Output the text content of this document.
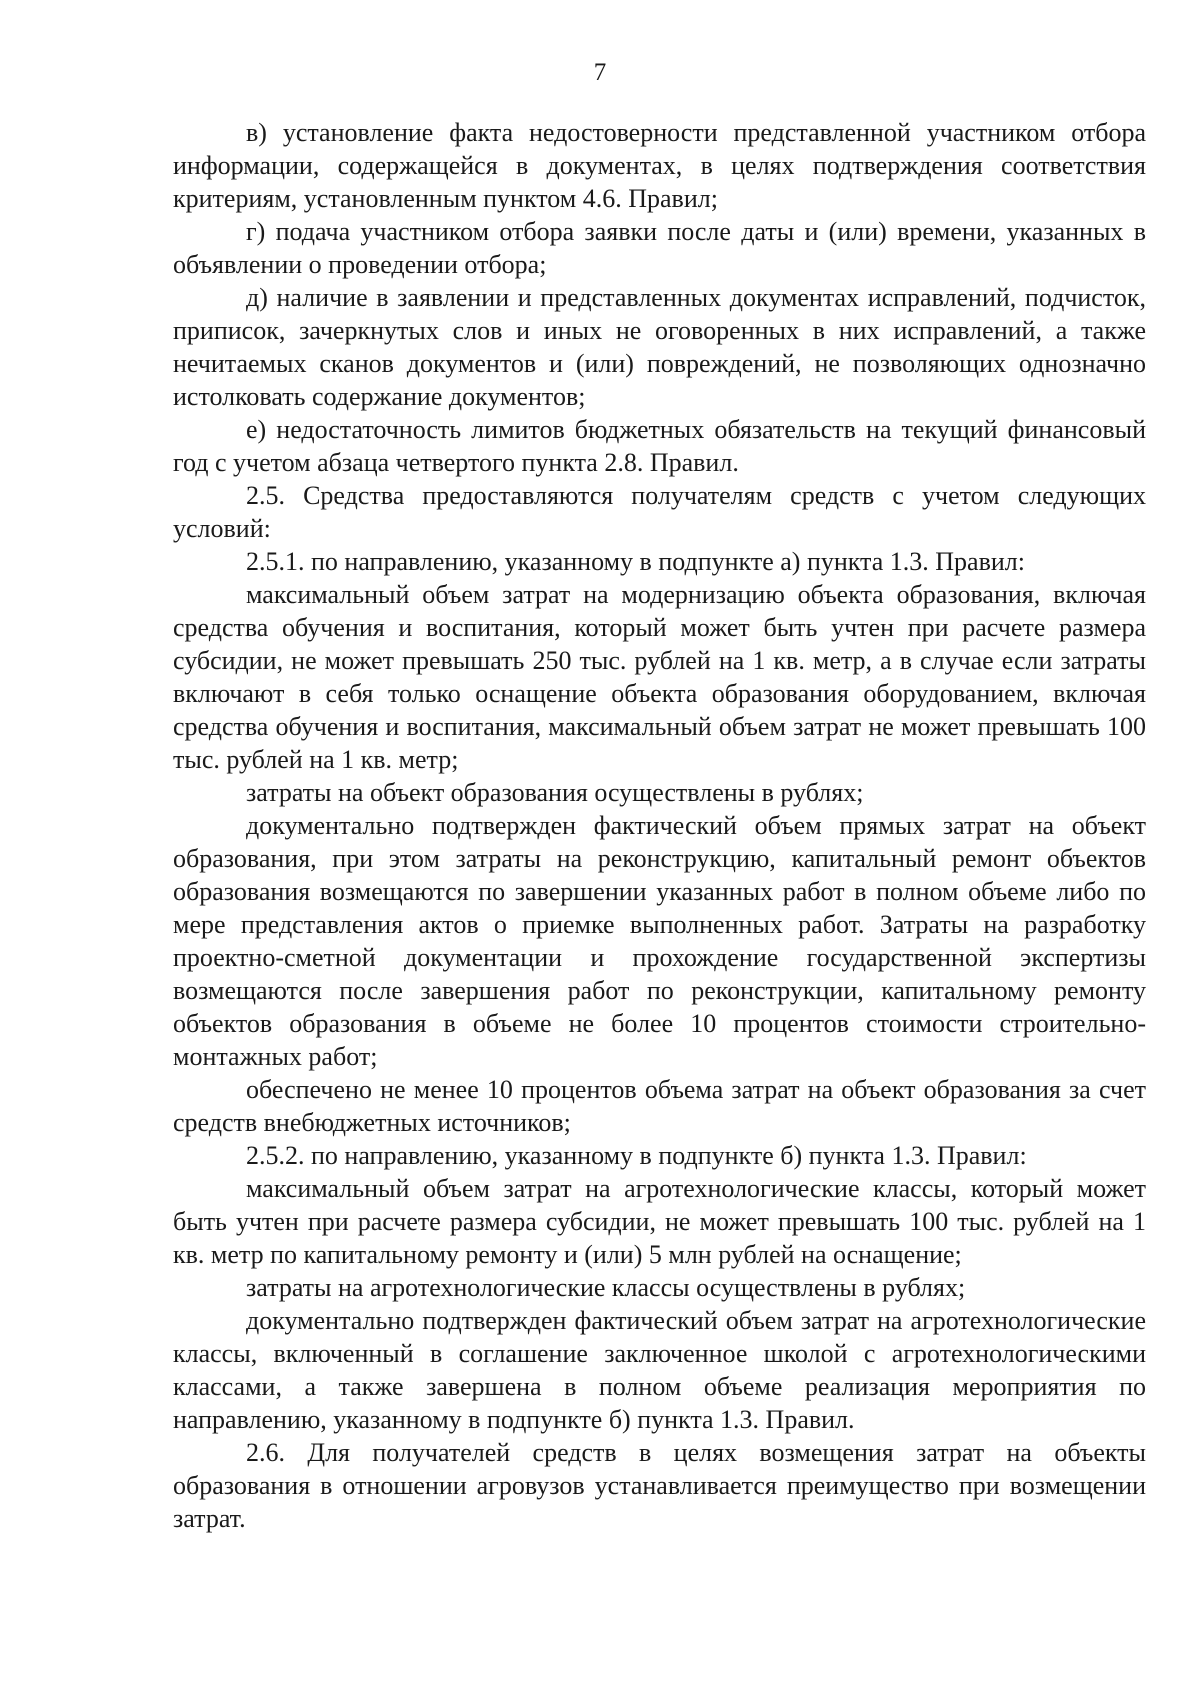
7

в) установление факта недостоверности представленной участником отбора информации, содержащейся в документах, в целях подтверждения соответствия критериям, установленным пунктом 4.6. Правил;

г) подача участником отбора заявки после даты и (или) времени, указанных в объявлении о проведении отбора;

д) наличие в заявлении и представленных документах исправлений, подчисток, приписок, зачеркнутых слов и иных не оговоренных в них исправлений, а также нечитаемых сканов документов и (или) повреждений, не позволяющих однозначно истолковать содержание документов;

е) недостаточность лимитов бюджетных обязательств на текущий финансовый год с учетом абзаца четвертого пункта 2.8. Правил.

2.5. Средства предоставляются получателям средств с учетом следующих условий:

2.5.1. по направлению, указанному в подпункте а) пункта 1.3. Правил:

максимальный объем затрат на модернизацию объекта образования, включая средства обучения и воспитания, который может быть учтен при расчете размера субсидии, не может превышать 250 тыс. рублей на 1 кв. метр, а в случае если затраты включают в себя только оснащение объекта образования оборудованием, включая средства обучения и воспитания, максимальный объем затрат не может превышать 100 тыс. рублей на 1 кв. метр;

затраты на объект образования осуществлены в рублях;

документально подтвержден фактический объем прямых затрат на объект образования, при этом затраты на реконструкцию, капитальный ремонт объектов образования возмещаются по завершении указанных работ в полном объеме либо по мере представления актов о приемке выполненных работ. Затраты на разработку проектно-сметной документации и прохождение государственной экспертизы возмещаются после завершения работ по реконструкции, капитальному ремонту объектов образования в объеме не более 10 процентов стоимости строительно-монтажных работ;

обеспечено не менее 10 процентов объема затрат на объект образования за счет средств внебюджетных источников;

2.5.2. по направлению, указанному в подпункте б) пункта 1.3. Правил:

максимальный объем затрат на агротехнологические классы, который может быть учтен при расчете размера субсидии, не может превышать 100 тыс. рублей на 1 кв. метр по капитальному ремонту и (или) 5 млн рублей на оснащение;

затраты на агротехнологические классы осуществлены в рублях;

документально подтвержден фактический объем затрат на агротехнологические классы, включенный в соглашение заключенное школой с агротехнологическими классами, а также завершена в полном объеме реализация мероприятия по направлению, указанному в подпункте б) пункта 1.3. Правил.

2.6. Для получателей средств в целях возмещения затрат на объекты образования в отношении агровузов устанавливается преимущество при возмещении затрат.
